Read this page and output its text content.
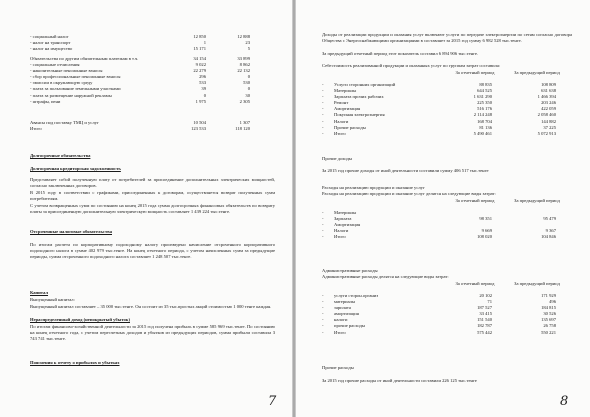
- социальный налог	12 850	12 888
- налог на транспорт	1	23
- налог на имущество	15 171	5
Обязательства по другим обязательным платежам в т.ч.	34 154	33 899
- социальные отчисления	9 022	8 862
- накопительные пенсионные взносы	22 279	22 132
- сбор профессиональные пенсионные взносы	296	0
- эмиссии в окружающую среду	533	530
- плата за пользование земельными участками	39	0
- плата за размещение наружной рекламы	0	30
- штрафы, пени	1 975	2 305
Авансы под поставку ТМЦ и услуг	10 504	1 307
Итого	123 533	118 120
Долгосрочные обязательства
Долгосрочная кредиторская задолженность
Представляет собой полученную плату от потребителей за присоединение дополнительных электрических мощностей, согласно заключенных договоров.
В 2015 году в соответствии с графиками, присоединенных к договорам, осуществляется возврат полученных сумм потребителям.
С учетом возвращенных сумм по состоянию на конец 2015 года сумма долгосрочных финансовых обязательств по возврату платы за присоединенную дополнительную электрическую мощность составляет 1 439 224 тыс.тенге.
Отсроченные налоговые обязательства
По итогам расчета по корпоративному подоходному налогу произведено начисление отсроченного корпоративного подоходного налога в сумме 402 979 тыс.тенге. На конец отчетного периода, с учетом начисленных сумм за предыдущие периоды, сумма отсроченного подоходного налога составляет 1 248 507 тыс.тенге.
Капитал
Выпущенный капитал:
Выпущенный капитал составляет – 35 000 тыс.тенге. Он состоит из 35 тыс.простых акций стоимостью 1 000 тенге каждая.
Нераспределенный доход (непокрытый убыток)
По итогам финансово-хозяйственной деятельности за 2015 год получена прибыль в сумме 585 969 тыс.тенге. По состоянию на конец отчетного года, с учетом пересчетных доходов и убытков из предыдущих периодов, сумма прибыли составила 3 743 741 тыс.тенге.
Пояснения к отчету о прибылях и убытках
7
Доходы от реализации продукции и оказания услуг включают услуги по передаче электроэнергии по сетям согласно договора Общества с Энергоснабжающими организациями в составляет за 2015 год сумму 6 982 528 тыс.тенге.
За предыдущий отчетный период этот показатель составил 6 894 906 тыс.тенге.
Себестоимость реализованной продукции и оказанных услуг по группам затрат составила:
За отчетный период	За предыдущий период
- Услуги сторонних организаций	88 835	108 809
- Материалы	644 525	631 638
- Зарплата прочих рабочих	1 631 290	1 466 394
- Ремонт	225 350	203 246
- Амортизация	516 176	422 059
- Покупная электроэнергия	2 114 248	2 058 460
- Налоги	168 704	144 882
- Прочие расходы	81 136	37 225
- Итого	5 490 461	5 072 913
Прочие доходы
За 2015 год прочие доходы от иной деятельности составили сумму 406 517 тыс.тенге
Расходы на реализацию продукции и оказание услуг
Расходы на реализацию продукции и оказание услуг делятся на следующие виды затрат:
За отчетный период	За предыдущий период
- Материалы
- Зарплата	98 351	95 479
- Амортизация
- Налоги	9 669	9 367
- Итого	108 020	104 846
Административные расходы
Административные расходы делятся на следующие виды затрат:
За отчетный период	За предыдущий период
- услуги сторон.организ	20 102	171 929
- материалы	71	496
- зарплата	187 527	184 815
- амортизация	33 415	30 526
- налоги	151 540	135 697
- прочие расходы	182 787	26 758
- Итого	575 442	550 221
Прочие расходы
За 2015 год прочие расходы от иной деятельности составили 226 125 тыс.тенге
8
